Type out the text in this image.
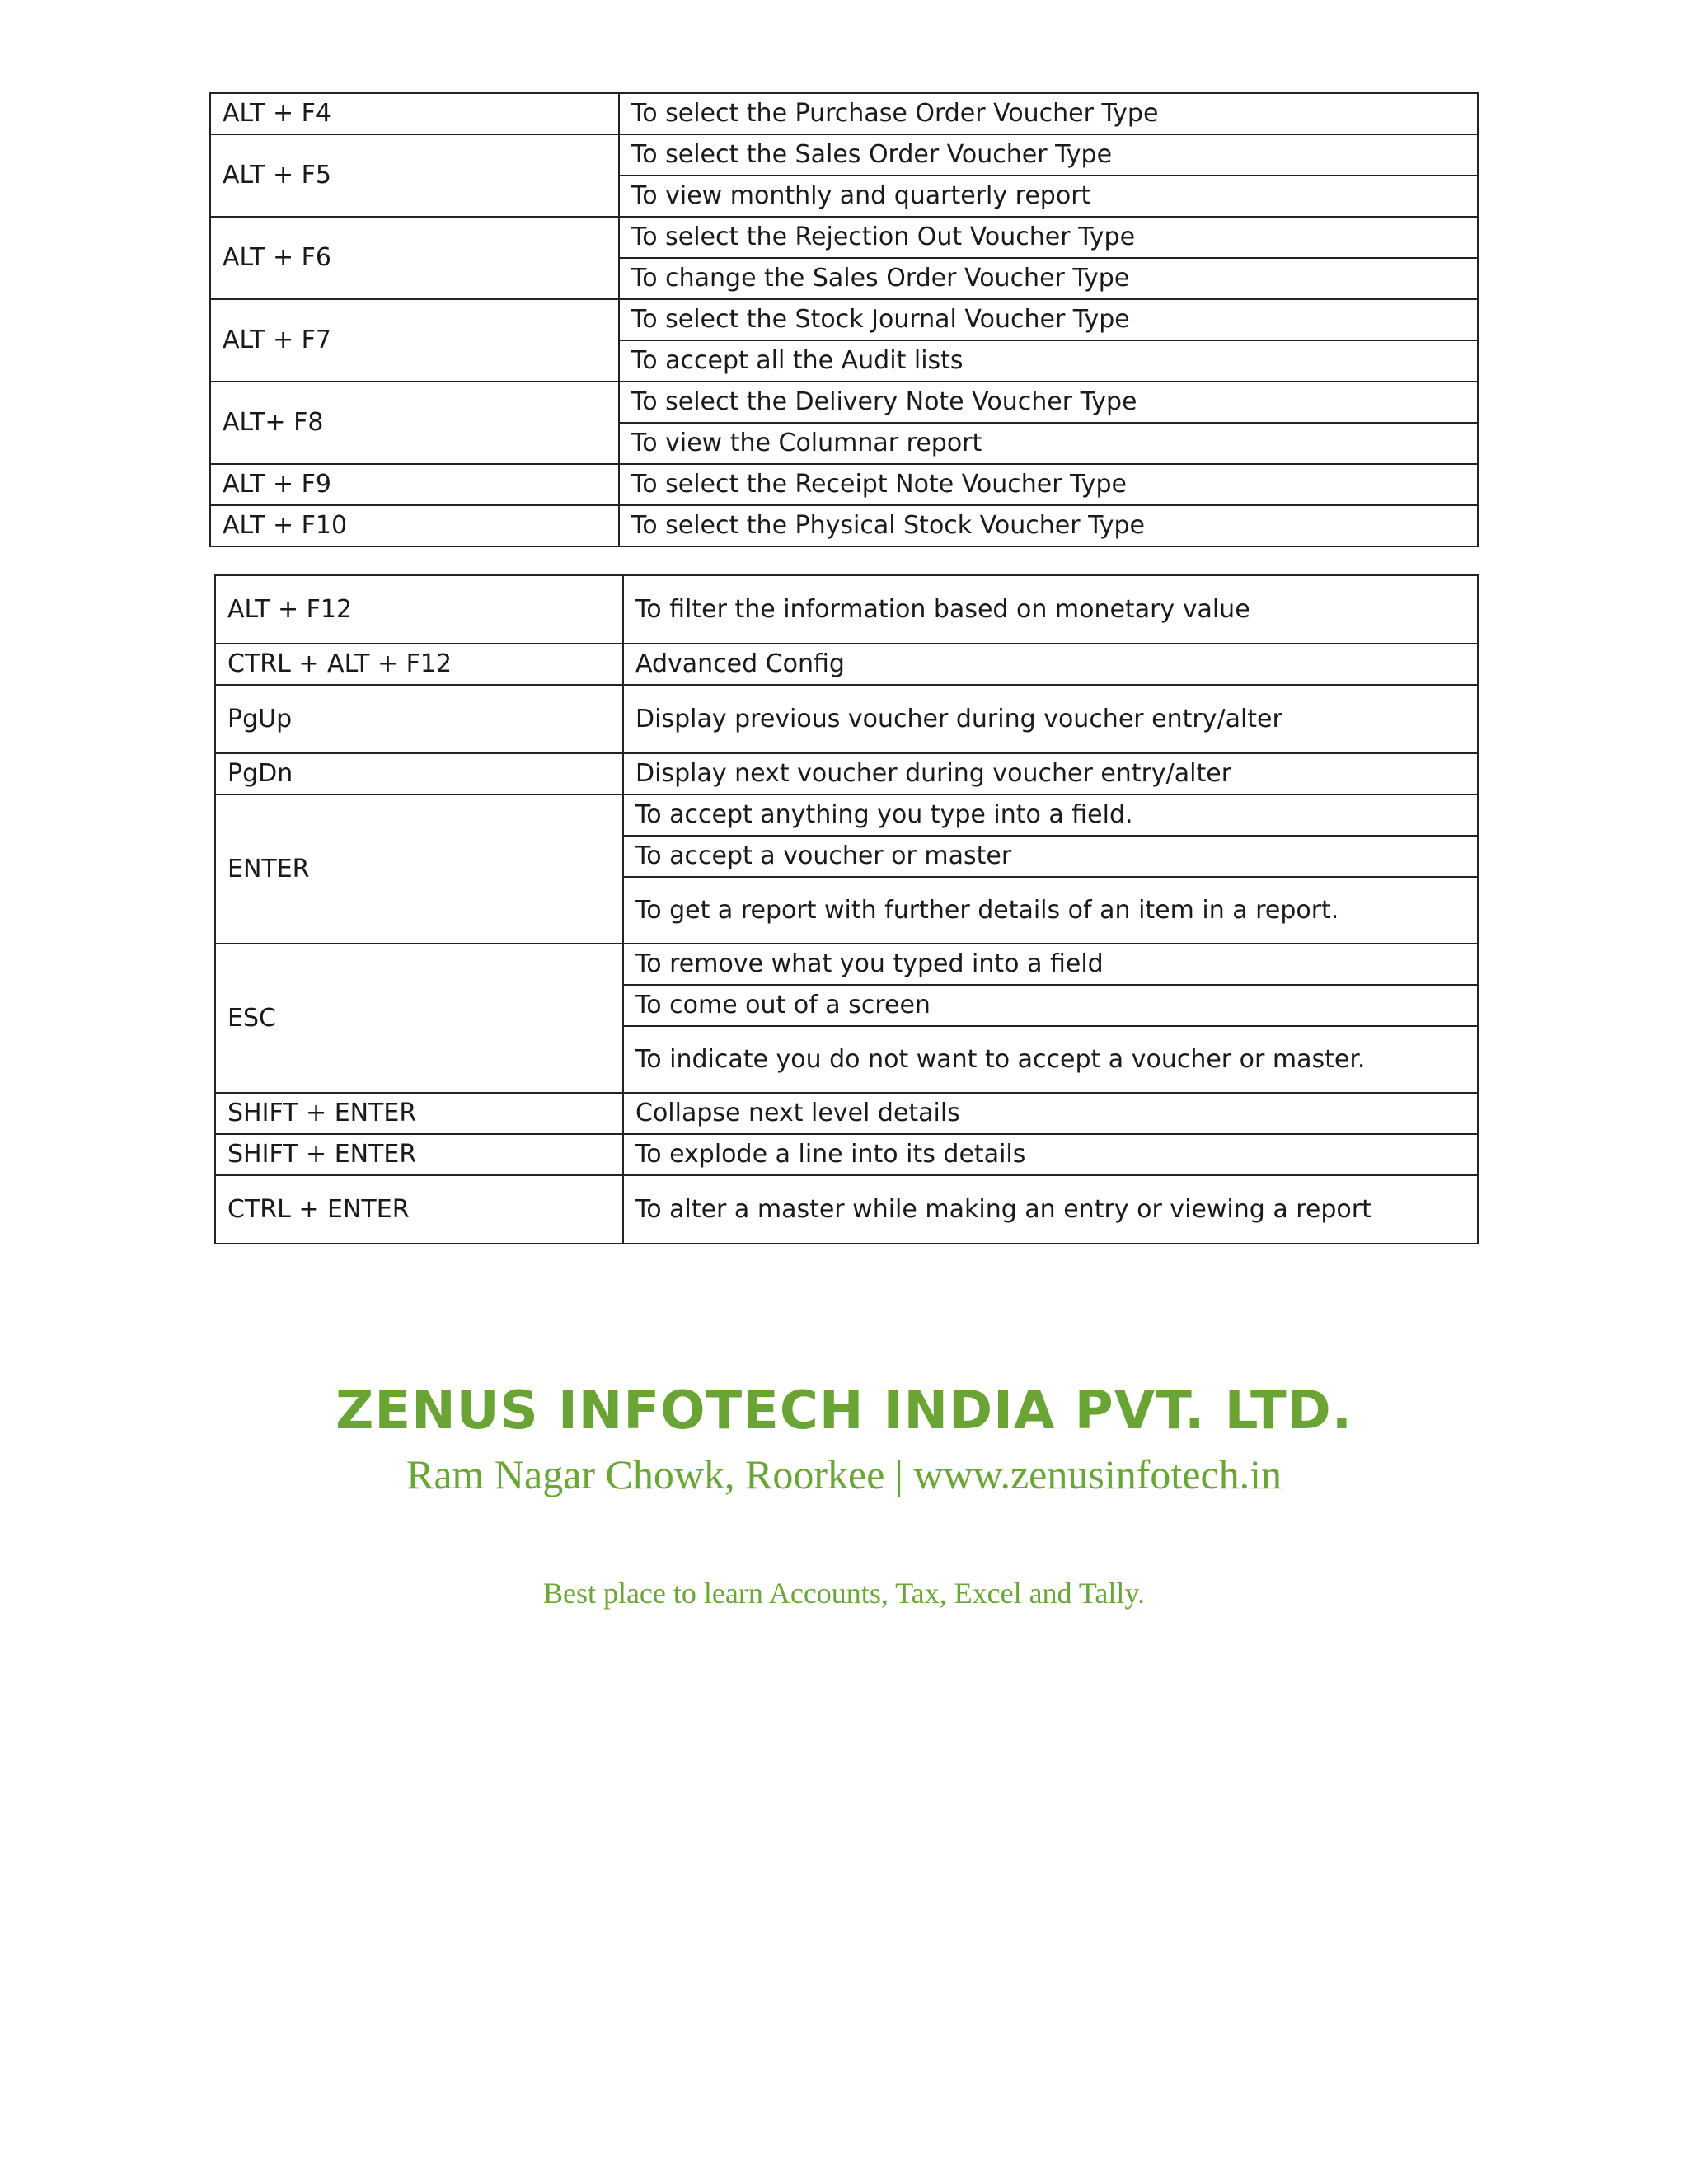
ALT + F4	To select the Purchase Order Voucher Type
ALT + F5	To select the Sales Order Voucher Type
	To view monthly and quarterly report
ALT + F6	To select the Rejection Out Voucher Type
	To change the Sales Order Voucher Type
ALT + F7	To select the Stock Journal Voucher Type
	To accept all the Audit lists
ALT+ F8	To select the Delivery Note Voucher Type
	To view the Columnar report
ALT + F9	To select the Receipt Note Voucher Type
ALT + F10	To select the Physical Stock Voucher Type
ALT + F12	To filter the information based on monetary value
CTRL + ALT + F12	Advanced Config
PgUp	Display previous voucher during voucher entry/alter
PgDn	Display next voucher during voucher entry/alter
ENTER	To accept anything you type into a field.
	To accept a voucher or master
	To get a report with further details of an item in a report.
ESC	To remove what you typed into a field
	To come out of a screen
	To indicate you do not want to accept a voucher or master.
SHIFT + ENTER	Collapse next level details
SHIFT + ENTER	To explode a line into its details
CTRL + ENTER	To alter a master while making an entry or viewing a report
ZENUS INFOTECH INDIA PVT. LTD.
Ram Nagar Chowk, Roorkee | www.zenusinfotech.in
Best place to learn Accounts, Tax, Excel and Tally.
